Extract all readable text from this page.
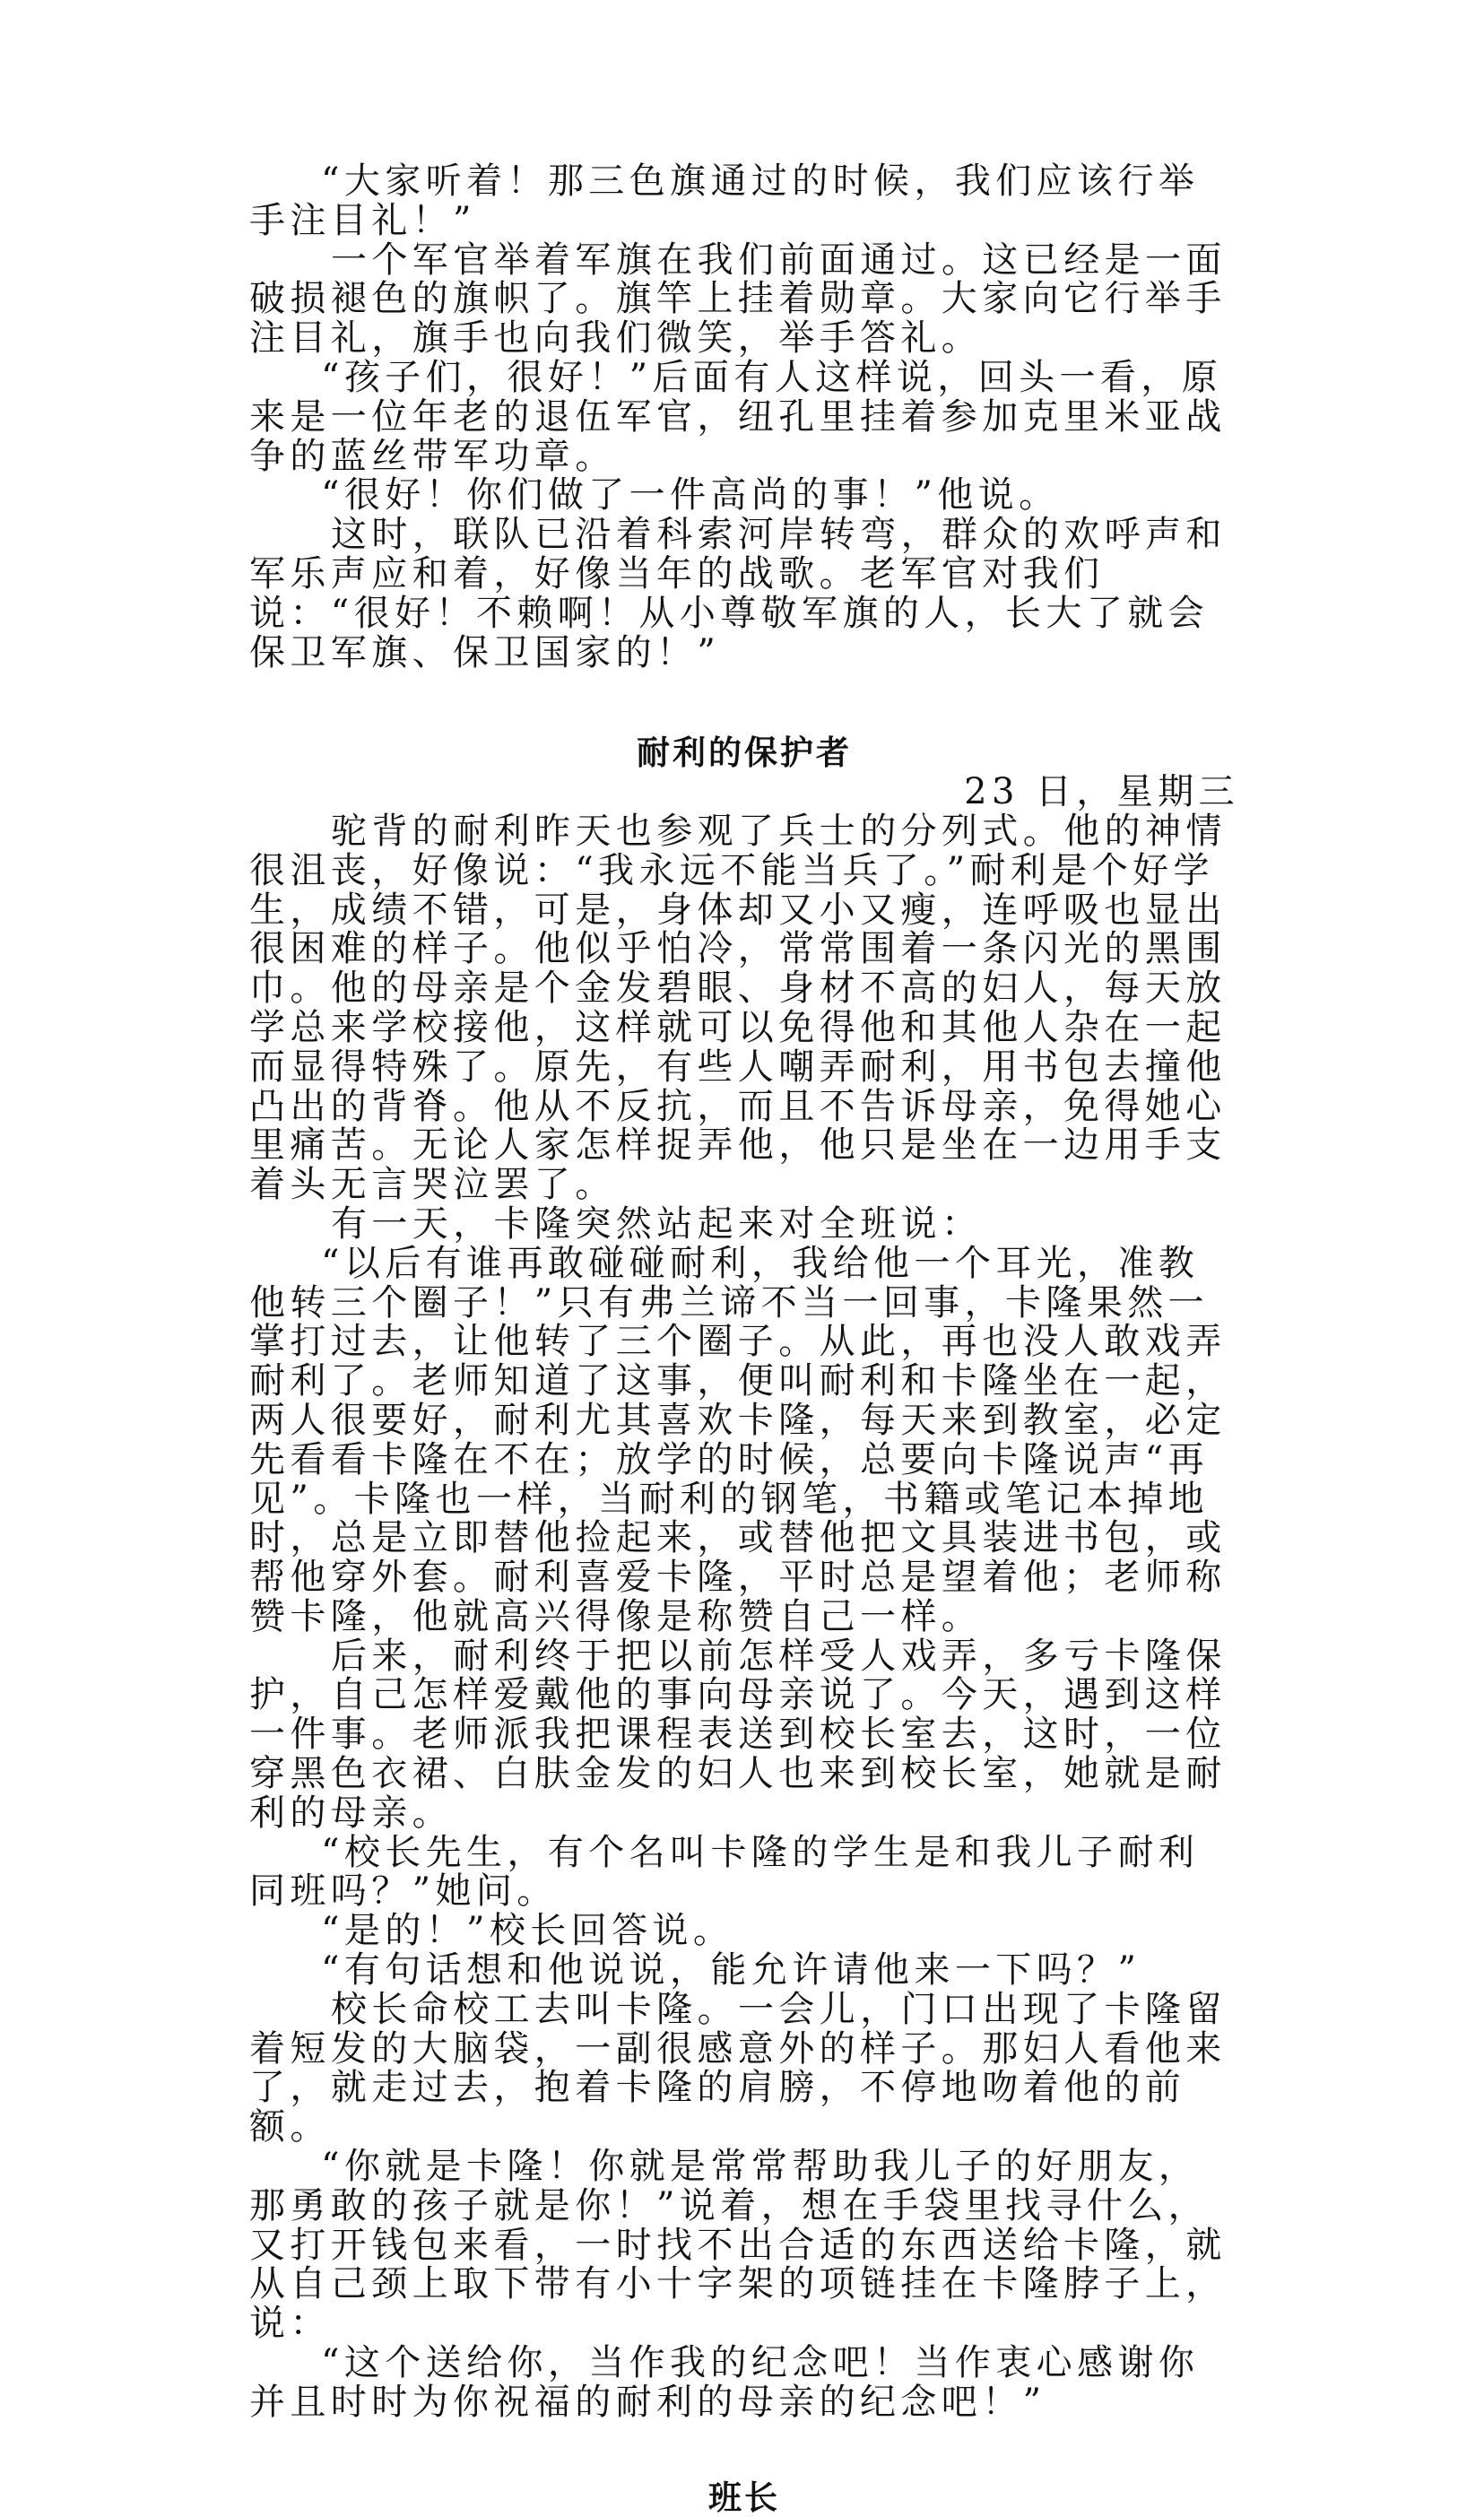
“大家听着！那三色旗通过的时候，我们应该行举手注目礼！”

一个军官举着军旗在我们前面通过。这已经是一面破损褪色的旗帜了。旗竿上挂着勋章。大家向它行举手注目礼，旗手也向我们微笑，举手答礼。

“孩子们，很好！”后面有人这样说，回头一看，原来是一位年老的退伍军官，纽孔里挂着参加克里米亚战争的蓝丝带军功章。

“很好！你们做了一件高尚的事！”他说。

这时，联队已沿着科索河岸转弯，群众的欢呼声和军乐声应和着，好像当年的战歌。老军官对我们说：“很好！不赖啊！从小尊敬军旗的人，长大了就会保卫军旗、保卫国家的！”

耐利的保护者

23 日，星期三

驼背的耐利昨天也参观了兵士的分列式。他的神情很沮丧，好像说：“我永远不能当兵了。”耐利是个好学生，成绩不错，可是，身体却又小又瘦，连呼吸也显出很困难的样子。他似乎怕冷，常常围着一条闪光的黑围巾。他的母亲是个金发碧眼、身材不高的妇人，每天放学总来学校接他，这样就可以免得他和其他人杂在一起而显得特殊了。原先，有些人嘲弄耐利，用书包去撞他凸出的背脊。他从不反抗，而且不告诉母亲，免得她心里痛苦。无论人家怎样捉弄他，他只是坐在一边用手支着头无言哭泣罢了。

有一天，卡隆突然站起来对全班说：

“以后有谁再敢碰碰耐利，我给他一个耳光，准教他转三个圈子！”只有弗兰谛不当一回事，卡隆果然一掌打过去，让他转了三个圈子。从此，再也没人敢戏弄耐利了。老师知道了这事，便叫耐利和卡隆坐在一起，两人很要好，耐利尤其喜欢卡隆，每天来到教室，必定先看看卡隆在不在；放学的时候，总要向卡隆说声“再见”。卡隆也一样，当耐利的钢笔，书籍或笔记本掉地时，总是立即替他捡起来，或替他把文具装进书包，或帮他穿外套。耐利喜爱卡隆，平时总是望着他；老师称赞卡隆，他就高兴得像是称赞自己一样。

后来，耐利终于把以前怎样受人戏弄，多亏卡隆保护，自己怎样爱戴他的事向母亲说了。今天，遇到这样一件事。老师派我把课程表送到校长室去，这时，一位穿黑色衣裙、白肤金发的妇人也来到校长室，她就是耐利的母亲。

“校长先生，有个名叫卡隆的学生是和我儿子耐利同班吗？”她问。

“是的！”校长回答说。

“有句话想和他说说，能允许请他来一下吗？”

校长命校工去叫卡隆。一会儿，门口出现了卡隆留着短发的大脑袋，一副很感意外的样子。那妇人看他来了，就走过去，抱着卡隆的肩膀，不停地吻着他的前额。

“你就是卡隆！你就是常常帮助我儿子的好朋友，那勇敢的孩子就是你！”说着，想在手袋里找寻什么，又打开钱包来看，一时找不出合适的东西送给卡隆，就从自己颈上取下带有小十字架的项链挂在卡隆脖子上，说：

“这个送给你，当作我的纪念吧！当作衷心感谢你并且时时为你祝福的耐利的母亲的纪念吧！”

班长
